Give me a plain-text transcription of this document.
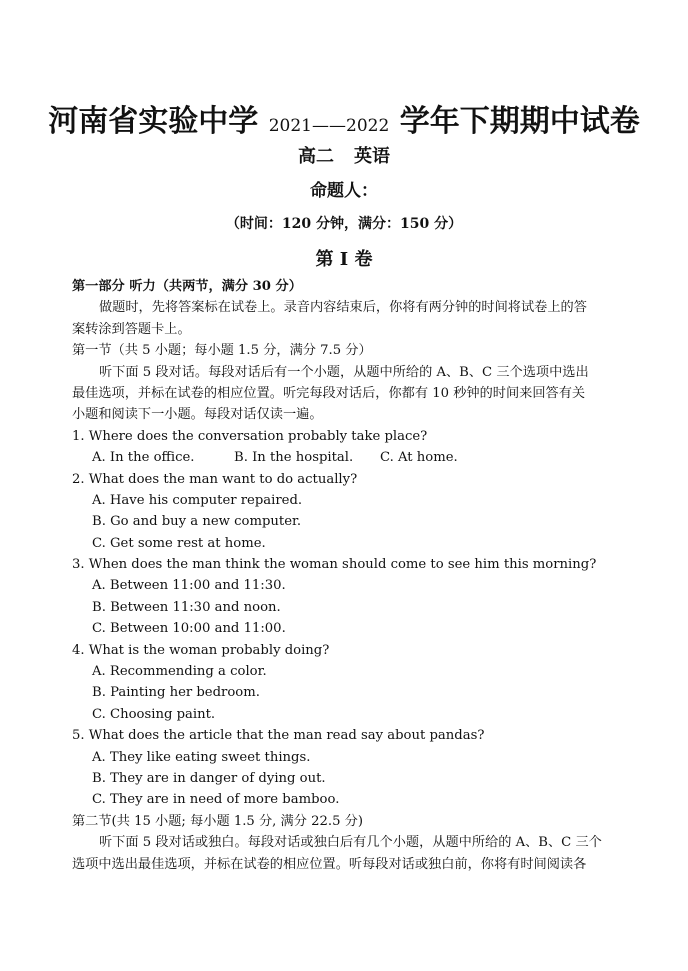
河南省实验中学 2021——2022 学年下期期中试卷
高二 英语
命题人：
（时间：120 分钟，满分：150 分）
第 I 卷
第一部分 听力（共两节，满分 30 分）
做题时，先将答案标在试卷上。录音内容结束后，你将有两分钟的时间将试卷上的答
案转涂到答题卡上。
第一节（共 5 小题；每小题 1.5 分，满分 7.5 分）
听下面 5 段对话。每段对话后有一个小题，从题中所给的 A、B、C 三个选项中选出
最佳选项，并标在试卷的相应位置。听完每段对话后，你都有 10 秒钟的时间来回答有关
小题和阅读下一小题。每段对话仅读一遍。
1. Where does the conversation probably take place?
A. In the office.	B. In the hospital.	C. At home.
2. What does the man want to do actually?
A. Have his computer repaired.
B. Go and buy a new computer.
C. Get some rest at home.
3. When does the man think the woman should come to see him this morning?
A. Between 11:00 and 11:30.
B. Between 11:30 and noon.
C. Between 10:00 and 11:00.
4. What is the woman probably doing?
A. Recommending a color.
B. Painting her bedroom.
C. Choosing paint.
5. What does the article that the man read say about pandas?
A. They like eating sweet things.
B. They are in danger of dying out.
C. They are in need of more bamboo.
第二节(共 15 小题; 每小题 1.5 分, 满分 22.5 分)
听下面 5 段对话或独白。每段对话或独白后有几个小题，从题中所给的 A、B、C 三个
选项中选出最佳选项，并标在试卷的相应位置。听每段对话或独白前，你将有时间阅读各
